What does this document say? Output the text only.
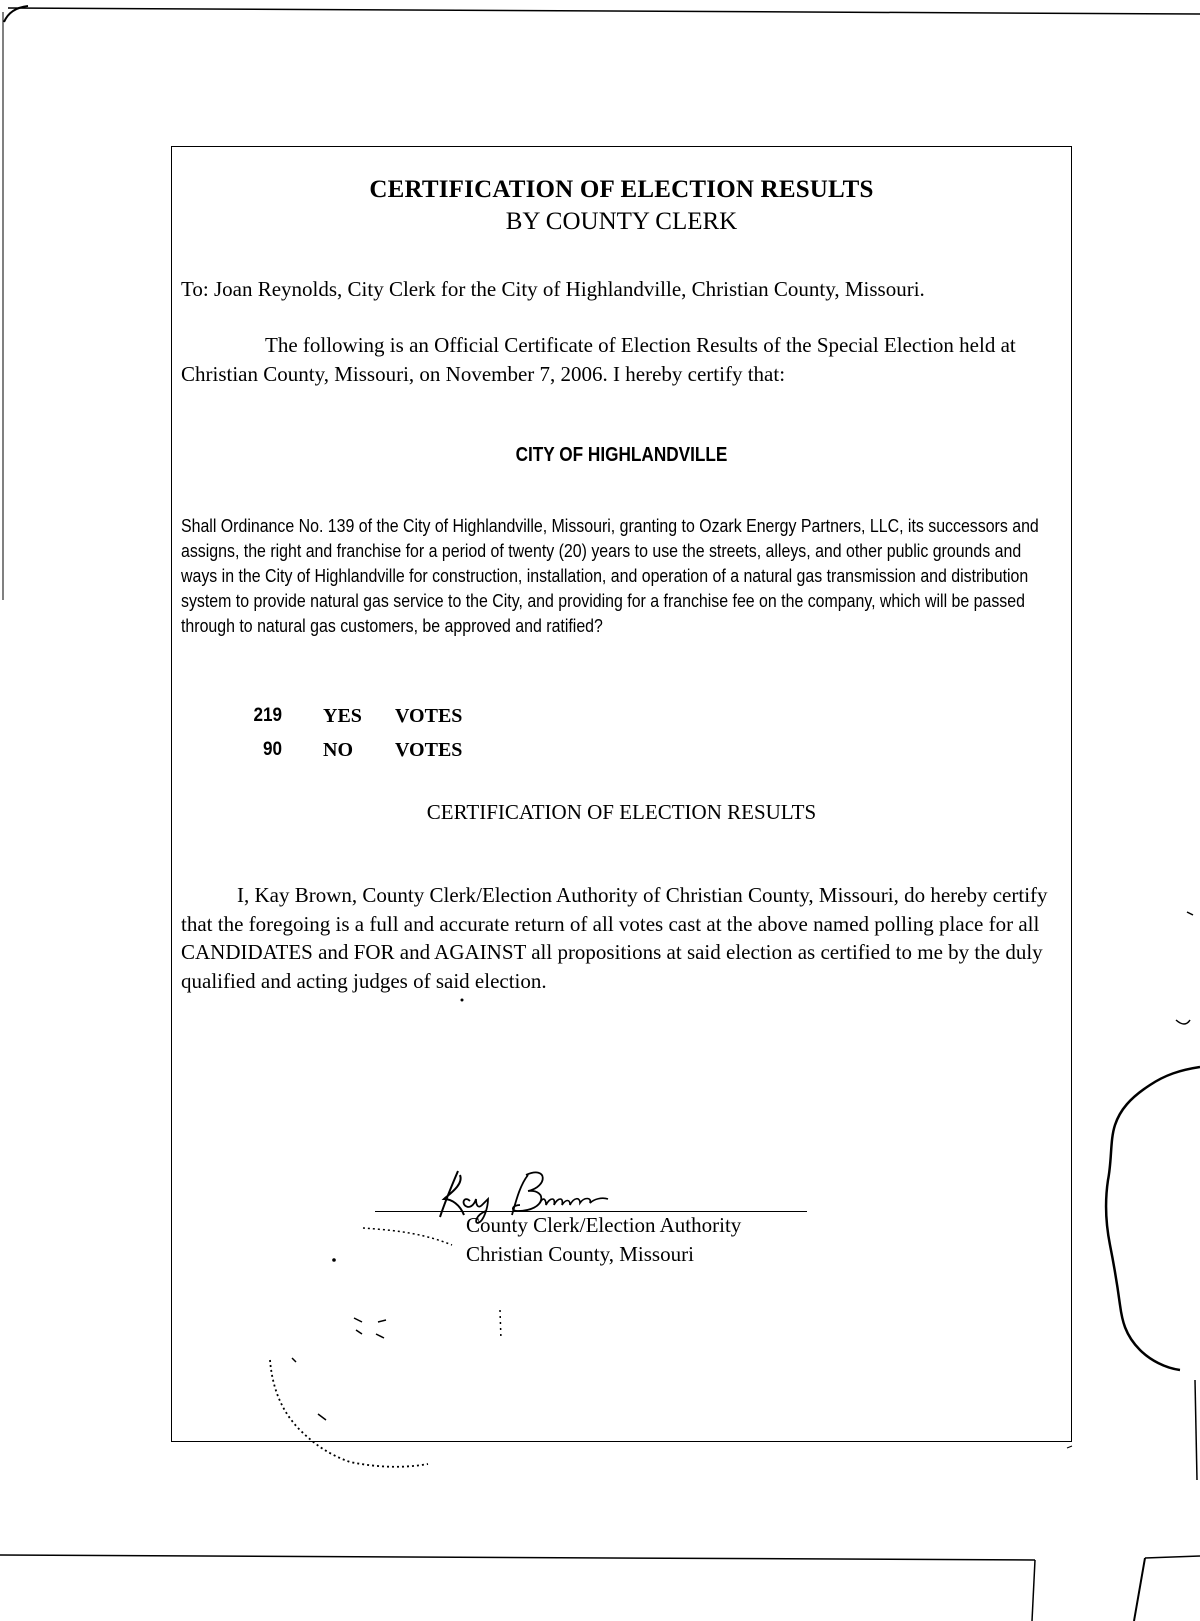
CERTIFICATION OF ELECTION RESULTS
BY COUNTY CLERK
To: Joan Reynolds, City Clerk for the City of Highlandville, Christian County, Missouri.
The following is an Official Certificate of Election Results of the Special Election held at Christian County, Missouri, on November 7, 2006. I hereby certify that:
CITY OF HIGHLANDVILLE
Shall Ordinance No. 139 of the City of Highlandville, Missouri, granting to Ozark Energy Partners, LLC, its successors and assigns, the right and franchise for a period of twenty (20) years to use the streets, alleys, and other public grounds and ways in the City of Highlandville for construction, installation, and operation of a natural gas transmission and distribution system to provide natural gas service to the City, and providing for a franchise fee on the company, which will be passed through to natural gas customers, be approved and ratified?
219 YES VOTES
90 NO VOTES
CERTIFICATION OF ELECTION RESULTS
I, Kay Brown, County Clerk/Election Authority of Christian County, Missouri, do hereby certify that the foregoing is a full and accurate return of all votes cast at the above named polling place for all CANDIDATES and FOR and AGAINST all propositions at said election as certified to me by the duly qualified and acting judges of said election.
County Clerk/Election Authority
Christian County, Missouri
